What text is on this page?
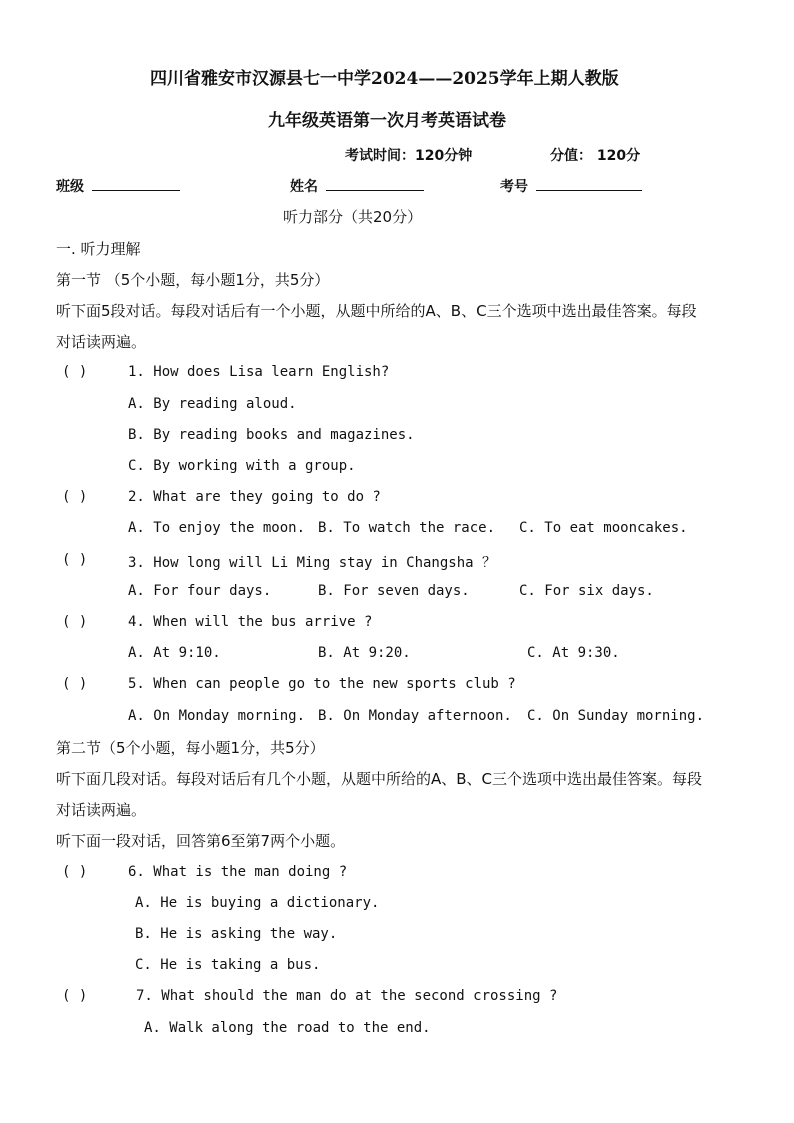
四川省雅安市汉源县七一中学2024——2025学年上期人教版
九年级英语第一次月考英语试卷
考试时间：120分钟	分值： 120分
班级	姓名	考号
听力部分（共20分）
一. 听力理解
第一节 （5个小题，每小题1分，共5分）
听下面5段对话。每段对话后有一个小题，从题中所给的A、B、C三个选项中选出最佳答案。每段
对话读两遍。
( )	1. How does Lisa learn English?
A. By reading aloud.
B. By reading books and magazines.
C. By working with a group.
( )	2. What are they going to do ?
A. To enjoy the moon. B. To watch the race. C. To eat mooncakes.
( )	3. How long will Li Ming stay in Changsha ？
A. For four days.	B. For seven days.	C. For six days.
( )	4. When will the bus arrive ?
A. At 9:10.	B. At 9:20.	C. At 9:30.
( )	5. When can people go to the new sports club ?
A. On Monday morning. B. On Monday afternoon. C. On Sunday morning.
第二节（5个小题，每小题1分，共5分）
听下面几段对话。每段对话后有几个小题，从题中所给的A、B、C三个选项中选出最佳答案。每段
对话读两遍。
听下面一段对话，回答第6至第7两个小题。
( )	6. What is the man doing ?
A. He is buying a dictionary.
B. He is asking the way.
C. He is taking a bus.
( )	7. What should the man do at the second crossing ?
A. Walk along the road to the end.
